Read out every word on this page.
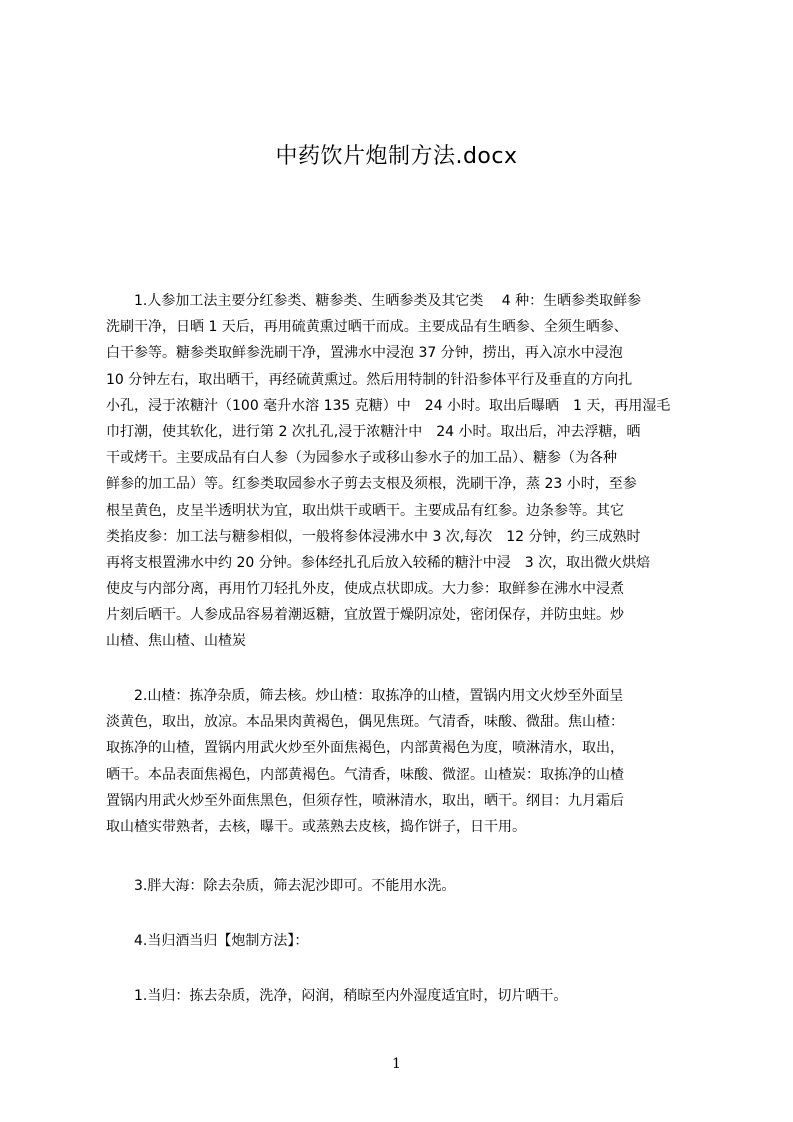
中药饮片炮制方法.docx
　　1.人参加工法主要分红参类、糖参类、生晒参类及其它类　 4 种：生晒参类取鲜参
洗刷干净，日晒 1 天后，再用硫黄熏过晒干而成。主要成品有生晒参、全须生晒参、
白干参等。糖参类取鲜参洗刷干净，置沸水中浸泡 37 分钟，捞出，再入凉水中浸泡
10 分钟左右，取出晒干，再经硫黄熏过。然后用特制的针沿参体平行及垂直的方向扎
小孔，浸于浓糖汁（100 毫升水溶 135 克糖）中　24 小时。取出后曝晒　1 天，再用湿毛
巾打潮，使其软化，进行第 2 次扎孔,浸于浓糖汁中　24 小时。取出后，冲去浮糖，晒
干或烤干。主要成品有白人参（为园参水子或移山参水子的加工品）、糖参（为各种
鲜参的加工品）等。红参类取园参水子剪去支根及须根，洗刷干净，蒸 23 小时，至参
根呈黄色，皮呈半透明状为宜，取出烘干或晒干。主要成品有红参。边条参等。其它
类掐皮参：加工法与糖参相似，一般将参体浸沸水中 3 次,每次　12 分钟，约三成熟时
再将支根置沸水中约 20 分钟。参体经扎孔后放入较稀的糖汁中浸　3 次，取出微火烘焙
使皮与内部分离，再用竹刀轻扎外皮，使成点状即成。大力参：取鲜参在沸水中浸煮
片刻后晒干。人参成品容易着潮返糖，宜放置于燥阴凉处，密闭保存，并防虫蛀。炒
山楂、焦山楂、山楂炭
　　2.山楂：拣净杂质，筛去核。炒山楂：取拣净的山楂，置锅内用文火炒至外面呈
淡黄色，取出，放凉。本品果肉黄褐色，偶见焦斑。气清香，味酸、微甜。焦山楂：
取拣净的山楂，置锅内用武火炒至外面焦褐色，内部黄褐色为度，喷淋清水，取出，
晒干。本品表面焦褐色，内部黄褐色。气清香，味酸、微涩。山楂炭：取拣净的山楂
置锅内用武火炒至外面焦黑色，但须存性，喷淋清水，取出，晒干。纲目：九月霜后
取山楂实带熟者，去核，曝干。或蒸熟去皮核，捣作饼子，日干用。
　　3.胖大海：除去杂质，筛去泥沙即可。不能用水洗。
　　4.当归酒当归【炮制方法】：
　　1.当归：拣去杂质，洗净，闷润，稍晾至内外湿度适宜时，切片晒干。
1
